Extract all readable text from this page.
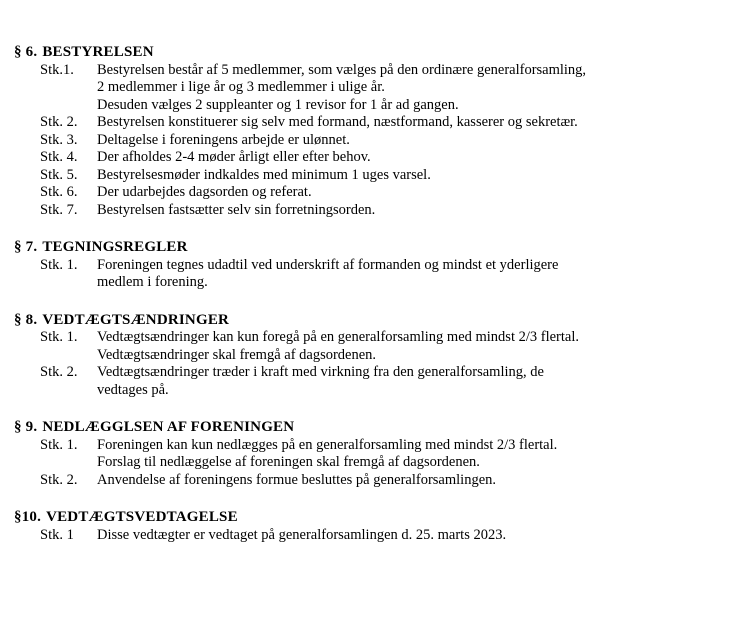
§ 6. BESTYRELSEN
Stk.1.	Bestyrelsen består af 5 medlemmer, som vælges på den ordinære generalforsamling,
2 medlemmer i lige år og 3 medlemmer i ulige år.
Desuden vælges 2 suppleanter og 1 revisor for 1 år ad gangen.
Stk. 2.	Bestyrelsen konstituerer sig selv med formand, næstformand, kasserer og sekretær.
Stk. 3.	Deltagelse i foreningens arbejde er ulønnet.
Stk. 4.	Der afholdes 2-4 møder årligt eller efter behov.
Stk. 5.	Bestyrelsesmøder indkaldes med minimum 1 uges varsel.
Stk. 6.	Der udarbejdes dagsorden og referat.
Stk. 7.	Bestyrelsen fastsætter selv sin forretningsorden.
§ 7. TEGNINGSREGLER
Stk. 1.	Foreningen tegnes udadtil ved underskrift af formanden og mindst et yderligere
medlem i forening.
§ 8. VEDTÆGTSÆNDRINGER
Stk. 1.	Vedtægtsændringer kan kun foregå på en generalforsamling med mindst 2/3 flertal.
Vedtægtsændringer skal fremgå af dagsordenen.
Stk. 2.	Vedtægtsændringer træder i kraft med virkning fra den generalforsamling, de
vedtages på.
§ 9. NEDLÆGGLSEN AF FORENINGEN
Stk. 1.	Foreningen kan kun nedlægges på en generalforsamling med mindst 2/3 flertal.
Forslag til nedlæggelse af foreningen skal fremgå af dagsordenen.
Stk. 2.	Anvendelse af foreningens formue besluttes på generalforsamlingen.
§10. VEDTÆGTSVEDTAGELSE
Stk. 1	Disse vedtægter er vedtaget på generalforsamlingen d. 25. marts 2023.
